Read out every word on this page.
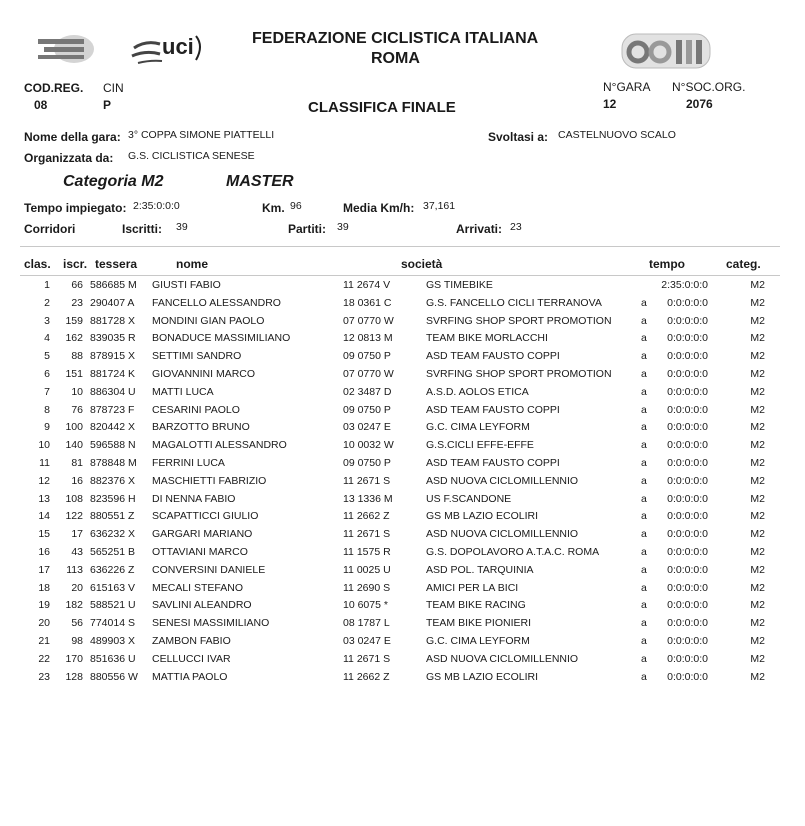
uci	FEDERAZIONE CICLISTICA ITALIANA
ROMA
COD.REG. CIN
08	P	CLASSIFICA FINALE
N°GARA N°SOC.ORG.
12	2076
Nome della gara: 3° COPPA SIMONE PIATTELLI	Svoltasi a: CASTELNUOVO SCALO
Organizzata da: G.S. CICLISTICA SENESE
Categoria M2	MASTER
Tempo impiegato: 2:35:0:0:0	Km. 96	Media Km/h: 37,161
Corridori	Iscritti: 39	Partiti: 39	Arrivati: 23
clas. iscr. tessera	nome	società	tempo	categ.
1	66 586685 M	GIUSTI FABIO	11 2674 V	GS TIMEBIKE	2:35:0:0:0	M2
2	23 290407 A	FANCELLO ALESSANDRO	18 0361 C	G.S. FANCELLO CICLI TERRANOVA	a	0:0:0:0:0	M2
3	159 881728 X	MONDINI GIAN PAOLO	07 0770 W	SVRFING SHOP SPORT PROMOTION	a	0:0:0:0:0	M2
4	162 839035 R	BONADUCE MASSIMILIANO	12 0813 M	TEAM BIKE MORLACCHI	a	0:0:0:0:0	M2
5	88 878915 X	SETTIMI SANDRO	09 0750 P	ASD TEAM FAUSTO COPPI	a	0:0:0:0:0	M2
6	151 881724 K	GIOVANNINI MARCO	07 0770 W	SVRFING SHOP SPORT PROMOTION	a	0:0:0:0:0	M2
7	10 886304 U	MATTI LUCA	02 3487 D	A.S.D. AOLOS ETICA	a	0:0:0:0:0	M2
8	76 878723 F	CESARINI PAOLO	09 0750 P	ASD TEAM FAUSTO COPPI	a	0:0:0:0:0	M2
9	100 820442 X	BARZOTTO BRUNO	03 0247 E	G.C. CIMA LEYFORM	a	0:0:0:0:0	M2
10	140 596588 N	MAGALOTTI ALESSANDRO	10 0032 W	G.S.CICLI EFFE-EFFE	a	0:0:0:0:0	M2
11	81 878848 M	FERRINI LUCA	09 0750 P	ASD TEAM FAUSTO COPPI	a	0:0:0:0:0	M2
12	16 882376 X	MASCHIETTI FABRIZIO	11 2671 S	ASD NUOVA CICLOMILLENNIO	a	0:0:0:0:0	M2
13	108 823596 H	DI NENNA FABIO	13 1336 M	US F.SCANDONE	a	0:0:0:0:0	M2
14	122 880551 Z	SCAPATTICCI GIULIO	11 2662 Z	GS MB LAZIO ECOLIRI	a	0:0:0:0:0	M2
15	17 636232 X	GARGARI MARIANO	11 2671 S	ASD NUOVA CICLOMILLENNIO	a	0:0:0:0:0	M2
16	43 565251 B	OTTAVIANI MARCO	11 1575 R	G.S. DOPOLAVORO A.T.A.C. ROMA	a	0:0:0:0:0	M2
17	113 636226 Z	CONVERSINI DANIELE	11 0025 U	ASD POL. TARQUINIA	a	0:0:0:0:0	M2
18	20 615163 V	MECALI STEFANO	11 2690 S	AMICI PER LA BICI	a	0:0:0:0:0	M2
19	182 588521 U	SAVLINI ALEANDRO	10 6075 *	TEAM BIKE RACING	a	0:0:0:0:0	M2
20	56 774014 S	SENESI MASSIMILIANO	08 1787 L	TEAM BIKE PIONIERI	a	0:0:0:0:0	M2
21	98 489903 X	ZAMBON FABIO	03 0247 E	G.C. CIMA LEYFORM	a	0:0:0:0:0	M2
22	170 851636 U	CELLUCCI IVAR	11 2671 S	ASD NUOVA CICLOMILLENNIO	a	0:0:0:0:0	M2
23	128 880556 W	MATTIA PAOLO	11 2662 Z	GS MB LAZIO ECOLIRI	a	0:0:0:0:0	M2
